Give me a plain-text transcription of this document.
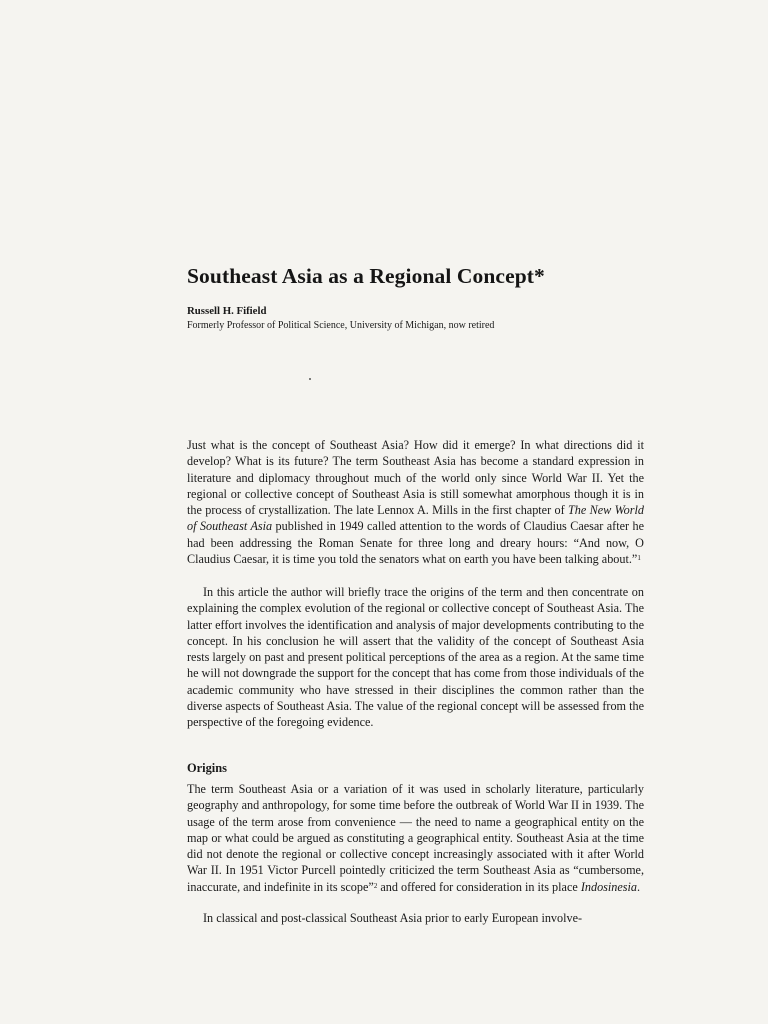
Southeast Asia as a Regional Concept*
Russell H. Fifield
Formerly Professor of Political Science, University of Michigan, now retired

Just what is the concept of Southeast Asia? How did it emerge? In what directions did it develop? What is its future? The term Southeast Asia has become a standard expression in literature and diplomacy throughout much of the world only since World War II. Yet the regional or collective concept of Southeast Asia is still somewhat amorphous though it is in the process of crystallization. The late Lennox A. Mills in the first chapter of The New World of Southeast Asia published in 1949 called attention to the words of Claudius Caesar after he had been addressing the Roman Senate for three long and dreary hours: “And now, O Claudius Caesar, it is time you told the senators what on earth you have been talking about.”$^1$

In this article the author will briefly trace the origins of the term and then concentrate on explaining the complex evolution of the regional or collective concept of Southeast Asia. The latter effort involves the identification and analysis of major developments contributing to the concept. In his conclusion he will assert that the validity of the concept of Southeast Asia rests largely on past and present political perceptions of the area as a region. At the same time he will not downgrade the support for the concept that has come from those individuals of the academic community who have stressed in their disciplines the common rather than the diverse aspects of Southeast Asia. The value of the regional concept will be assessed from the perspective of the foregoing evidence.

Origins

The term Southeast Asia or a variation of it was used in scholarly literature, particularly geography and anthropology, for some time before the outbreak of World War II in 1939. The usage of the term arose from convenience — the need to name a geographical entity on the map or what could be argued as constituting a geographical entity. Southeast Asia at the time did not denote the regional or collective concept increasingly associated with it after World War II. In 1951 Victor Purcell pointedly criticized the term Southeast Asia as “cumbersome, inaccurate, and indefinite in its scope”$^2$ and offered for consideration in its place Indosinesia.

In classical and post-classical Southeast Asia prior to early European involve-
